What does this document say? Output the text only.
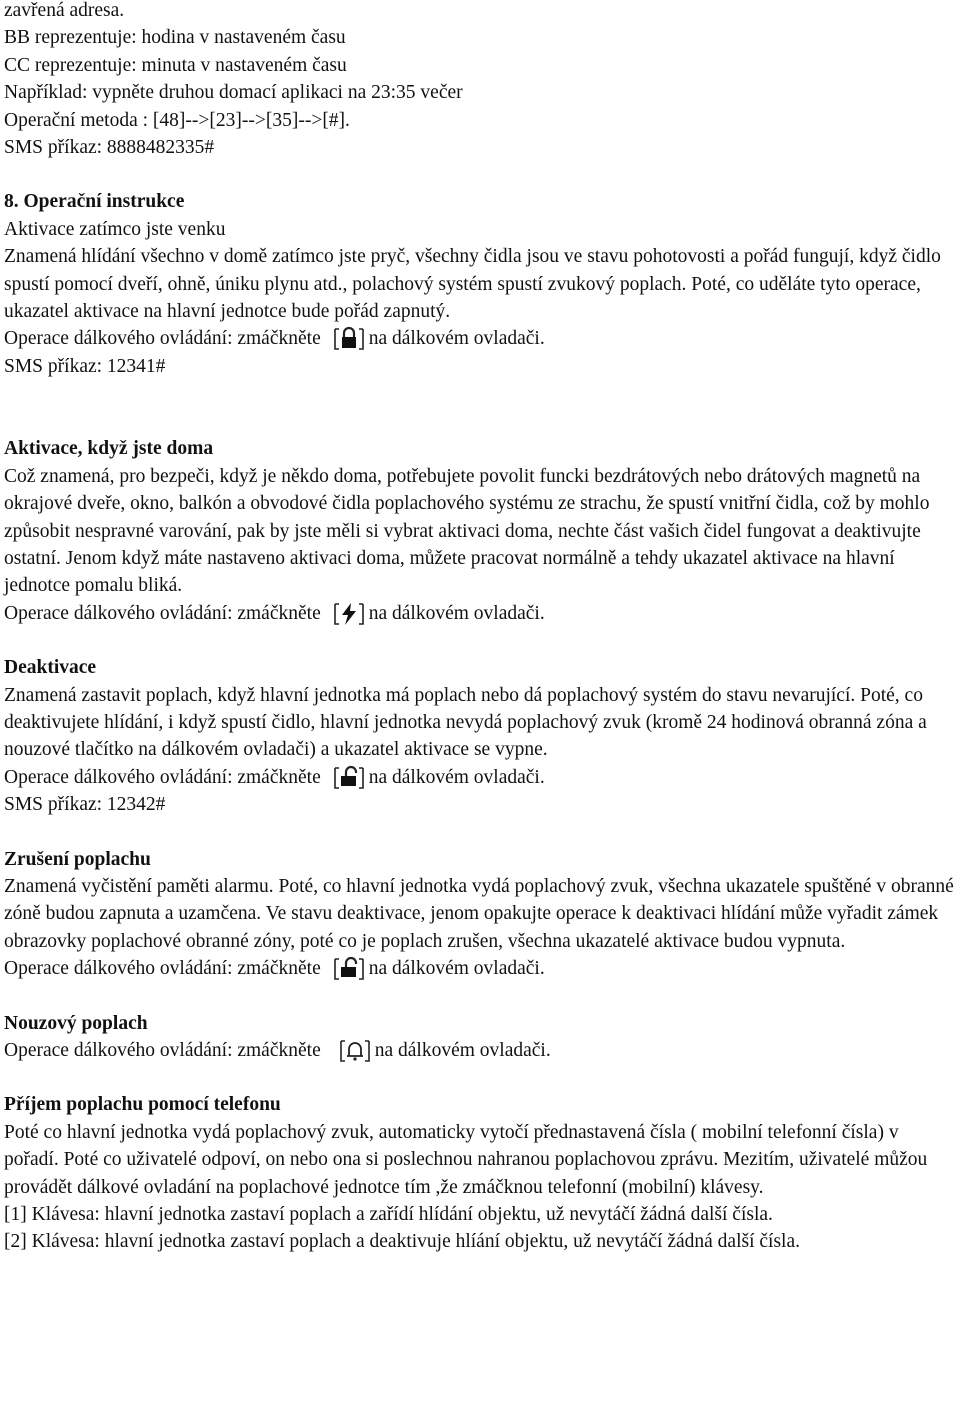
zavřená adresa.

BB reprezentuje: hodina v nastaveném času

CC reprezentuje: minuta v nastaveném času

Například: vypněte druhou domací aplikaci na 23:35 večer

Operační metoda : [48]-->[23]-->[35]-->[#].

SMS příkaz: 8888482335#

8. Operační instrukce

Aktivace zatímco jste venku

Znamená hlídání všechno v domě zatímco jste pryč, všechny čidla jsou ve stavu pohotovosti a pořád fungují, když čidlo spustí pomocí dveří, ohně, úniku plynu atd., polachový systém spustí zvukový poplach. Poté, co uděláte tyto operace, ukazatel aktivace na hlavní jednotce bude pořád zapnutý.

Operace dálkového ovládání: zmáčkněte na dálkovém ovladači.

SMS příkaz: 12341#

Aktivace, když jste doma

Což znamená, pro bezpeči, když je někdo doma, potřebujete povolit funcki bezdrátových nebo drátových magnetů na okrajové dveře, okno, balkón a obvodové čidla poplachového systému ze strachu, že spustí vnitřní čidla, což by mohlo způsobit nespravné varování, pak by jste měli si vybrat aktivaci doma, nechte část vašich čidel fungovat a deaktivujte ostatní. Jenom když máte nastaveno aktivaci doma, můžete pracovat normálně a tehdy ukazatel aktivace na hlavní jednotce pomalu bliká.

Operace dálkového ovládání: zmáčkněte na dálkovém ovladači.

Deaktivace

Znamená zastavit poplach, když hlavní jednotka má poplach nebo dá poplachový systém do stavu nevarující. Poté, co deaktivujete hlídání, i když spustí čidlo, hlavní jednotka nevydá poplachový zvuk (kromě 24 hodinová obranná zóna a nouzové tlačítko na dálkovém ovladači) a ukazatel aktivace se vypne.

Operace dálkového ovládání: zmáčkněte na dálkovém ovladači.

SMS příkaz: 12342#

Zrušení poplachu

Znamená vyčistění paměti alarmu. Poté, co hlavní jednotka vydá poplachový zvuk, všechna ukazatele spuštěné v obranné zóně budou zapnuta a uzamčena. Ve stavu deaktivace, jenom opakujte operace k deaktivaci hlídání může vyřadit zámek obrazovky poplachové obranné zóny, poté co je poplach zrušen, všechna ukazatelé aktivace budou vypnuta.

Operace dálkového ovládání: zmáčkněte na dálkovém ovladači.

Nouzový poplach

Operace dálkového ovládání: zmáčkněte	na dálkovém ovladači.

Příjem poplachu pomocí telefonu

Poté co hlavní jednotka vydá poplachový zvuk, automaticky vytočí přednastavená čísla ( mobilní telefonní čísla) v pořadí. Poté co uživatelé odpoví, on nebo ona si poslechnou nahranou poplachovou zprávu. Mezitím, uživatelé můžou provádět dálkové ovladání na poplachové jednotce tím ,že zmáčknou telefonní (mobilní) klávesy.

[1] Klávesa: hlavní jednotka zastaví poplach a zařídí hlídání objektu, už nevytáčí žádná další čísla.

[2] Klávesa: hlavní jednotka zastaví poplach a deaktivuje hlíání objektu, už nevytáčí žádná další čísla.
